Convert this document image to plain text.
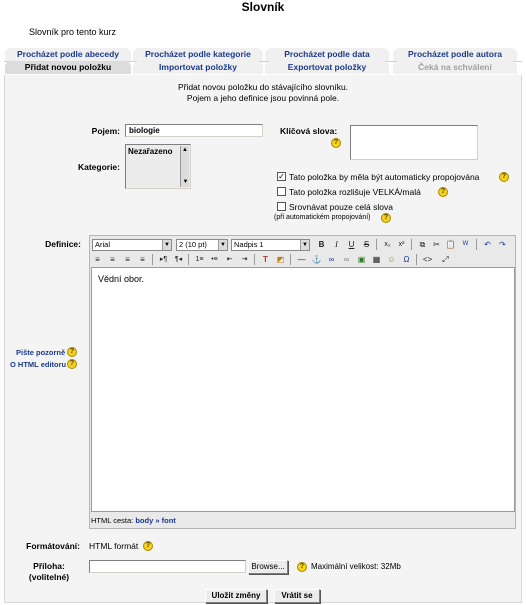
Slovník
Slovník pro tento kurz
Procházet podle abecedy	Procházet podle kategorie	Procházet podle data	Procházet podle autora
Přidat novou položku	Importovat položky	Exportovat položky	Čeká na schválení
Přidat novou položku do stávajícího slovníku.
Pojem a jeho definice jsou povinná pole.
Pojem: biologie	Klíčová slova:
?
Kategorie:
Nezařazeno ▲
▼
✓ Tato položka by měla být automaticky propojována	?
Tato položka rozlišuje VELKÁ/malá	?
Srovnávat pouze celá slova
(při automatickém propojování)	?
Definice:	Arial	▼	2 (10 pt)	▼	Nadpis 1	▼	B	I	U	S	x₂	x²	⧉ ✂ 📋	W	↶ ↷
≡	≡	≡	≡	▸¶ ¶◂ 1≡	•≡	⇤	⇥	T	◩ — ⚓ ∞	∞	▣ ▦ ☺ Ω	<> ⤢
Vědní obor.
HTML cesta: body » font
Pište pozorně ?
O HTML editoru ?
Formátování: HTML formát	?
Příloha:
(volitelné)
Browse...	? Maximální velikost: 32Mb
Uložit změny	Vrátit se
